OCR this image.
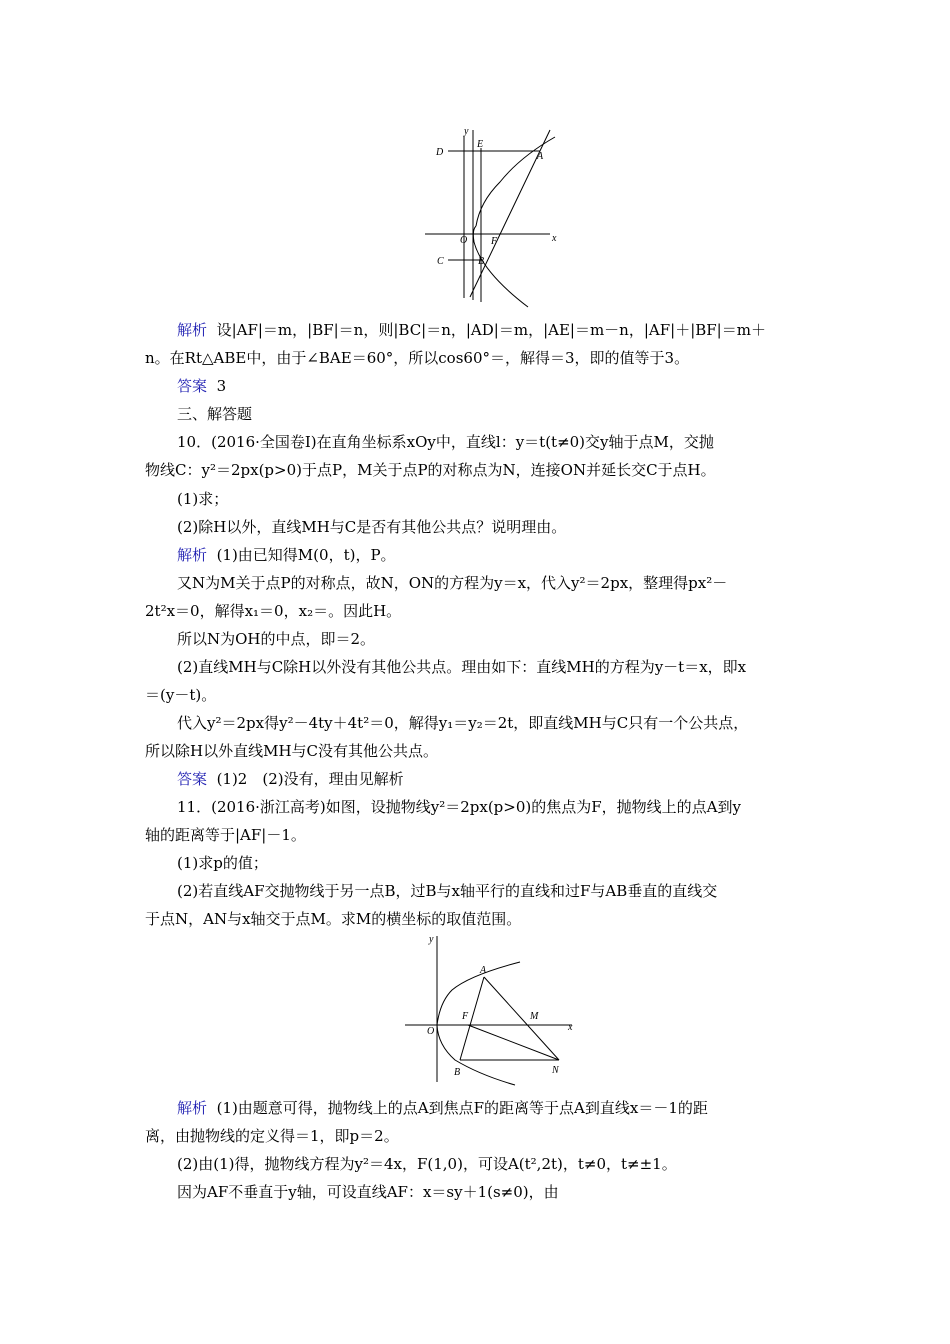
y
x
D
E
A
O F
C	B
解析 设|AF|＝m，|BF|＝n，则|BC|＝n，|AD|＝m，|AE|＝m－n，|AF|＋|BF|＝m＋
n。在Rt△ABE中，由于∠BAE＝60°，所以cos60°＝，解得＝3，即的值等于3。
答案 3
三、解答题
10．(2016·全国卷Ⅰ)在直角坐标系xOy中，直线l：y＝t(t≠0)交y轴于点M，交抛
物线C：y²＝2px(p>0)于点P，M关于点P的对称点为N，连接ON并延长交C于点H。
(1)求；
(2)除H以外，直线MH与C是否有其他公共点？说明理由。
解析 (1)由已知得M(0，t)，P。
又N为M关于点P的对称点，故N，ON的方程为y＝x，代入y²＝2px，整理得px²－
2t²x＝0，解得x₁＝0，x₂＝。因此H。
所以N为OH的中点，即＝2。
(2)直线MH与C除H以外没有其他公共点。理由如下：直线MH的方程为y－t＝x，即x
＝(y－t)。
代入y²＝2px得y²－4ty＋4t²＝0，解得y₁＝y₂＝2t，即直线MH与C只有一个公共点，
所以除H以外直线MH与C没有其他公共点。
答案 (1)2　(2)没有，理由见解析
11．(2016·浙江高考)如图，设抛物线y²＝2px(p>0)的焦点为F，抛物线上的点A到y
轴的距离等于|AF|－1。
(1)求p的值；
(2)若直线AF交抛物线于另一点B，过B与x轴平行的直线和过F与AB垂直的直线交
于点N，AN与x轴交于点M。求M的横坐标的取值范围。
y
x
A
O
F	M
B	N
解析 (1)由题意可得，抛物线上的点A到焦点F的距离等于点A到直线x＝－1的距
离，由抛物线的定义得＝1，即p＝2。
(2)由(1)得，抛物线方程为y²＝4x，F(1,0)，可设A(t²,2t)，t≠0，t≠±1。
因为AF不垂直于y轴，可设直线AF：x＝sy＋1(s≠0)，由
